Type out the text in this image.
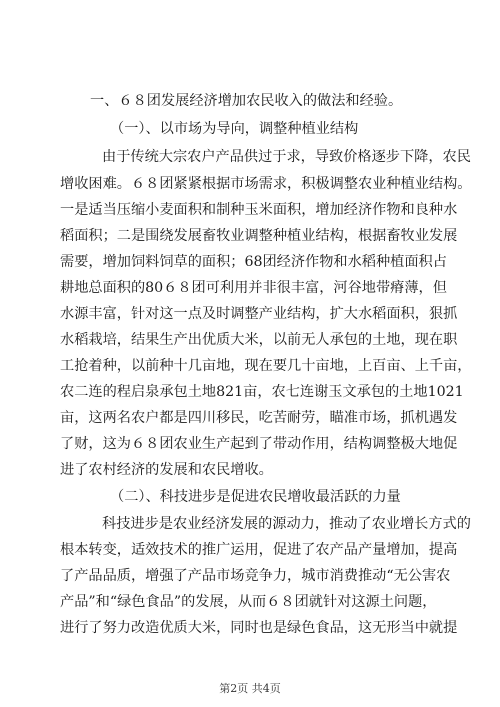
一、６８团发展经济增加农民收入的做法和经验。
（一）、以市场为导向，调整种植业结构
由于传统大宗农户产品供过于求，导致价格逐步下降，农民
增收困难。６８团紧紧根据市场需求，积极调整农业种植业结构。
一是适当压缩小麦面积和制种玉米面积，增加经济作物和良种水
稻面积；二是围绕发展畜牧业调整种植业结构，根据畜牧业发展
需要，增加饲料饲草的面积；68团经济作物和水稻种植面积占
耕地总面积的80６８团可利用并非很丰富，河谷地带瘠薄，但
水源丰富，针对这一点及时调整产业结构，扩大水稻面积，狠抓
水稻栽培，结果生产出优质大米，以前无人承包的土地，现在职
工抢着种，以前种十几亩地，现在要几十亩地，上百亩、上千亩，
农二连的程启泉承包土地821亩，农七连谢玉文承包的土地1021
亩，这两名农户都是四川移民，吃苦耐劳，瞄准市场，抓机遇发
了财，这为６８团农业生产起到了带动作用，结构调整极大地促
进了农村经济的发展和农民增收。
（二）、科技进步是促进农民增收最活跃的力量
科技进步是农业经济发展的源动力，推动了农业增长方式的
根本转变，适效技术的推广运用，促进了农产品产量增加，提高
了产品品质，增强了产品市场竞争力，城市消费推动“无公害农
产品”和“绿色食品”的发展，从而６８团就针对这源土问题，
进行了努力改造优质大米，同时也是绿色食品，这无形当中就提
第2页 共4页
